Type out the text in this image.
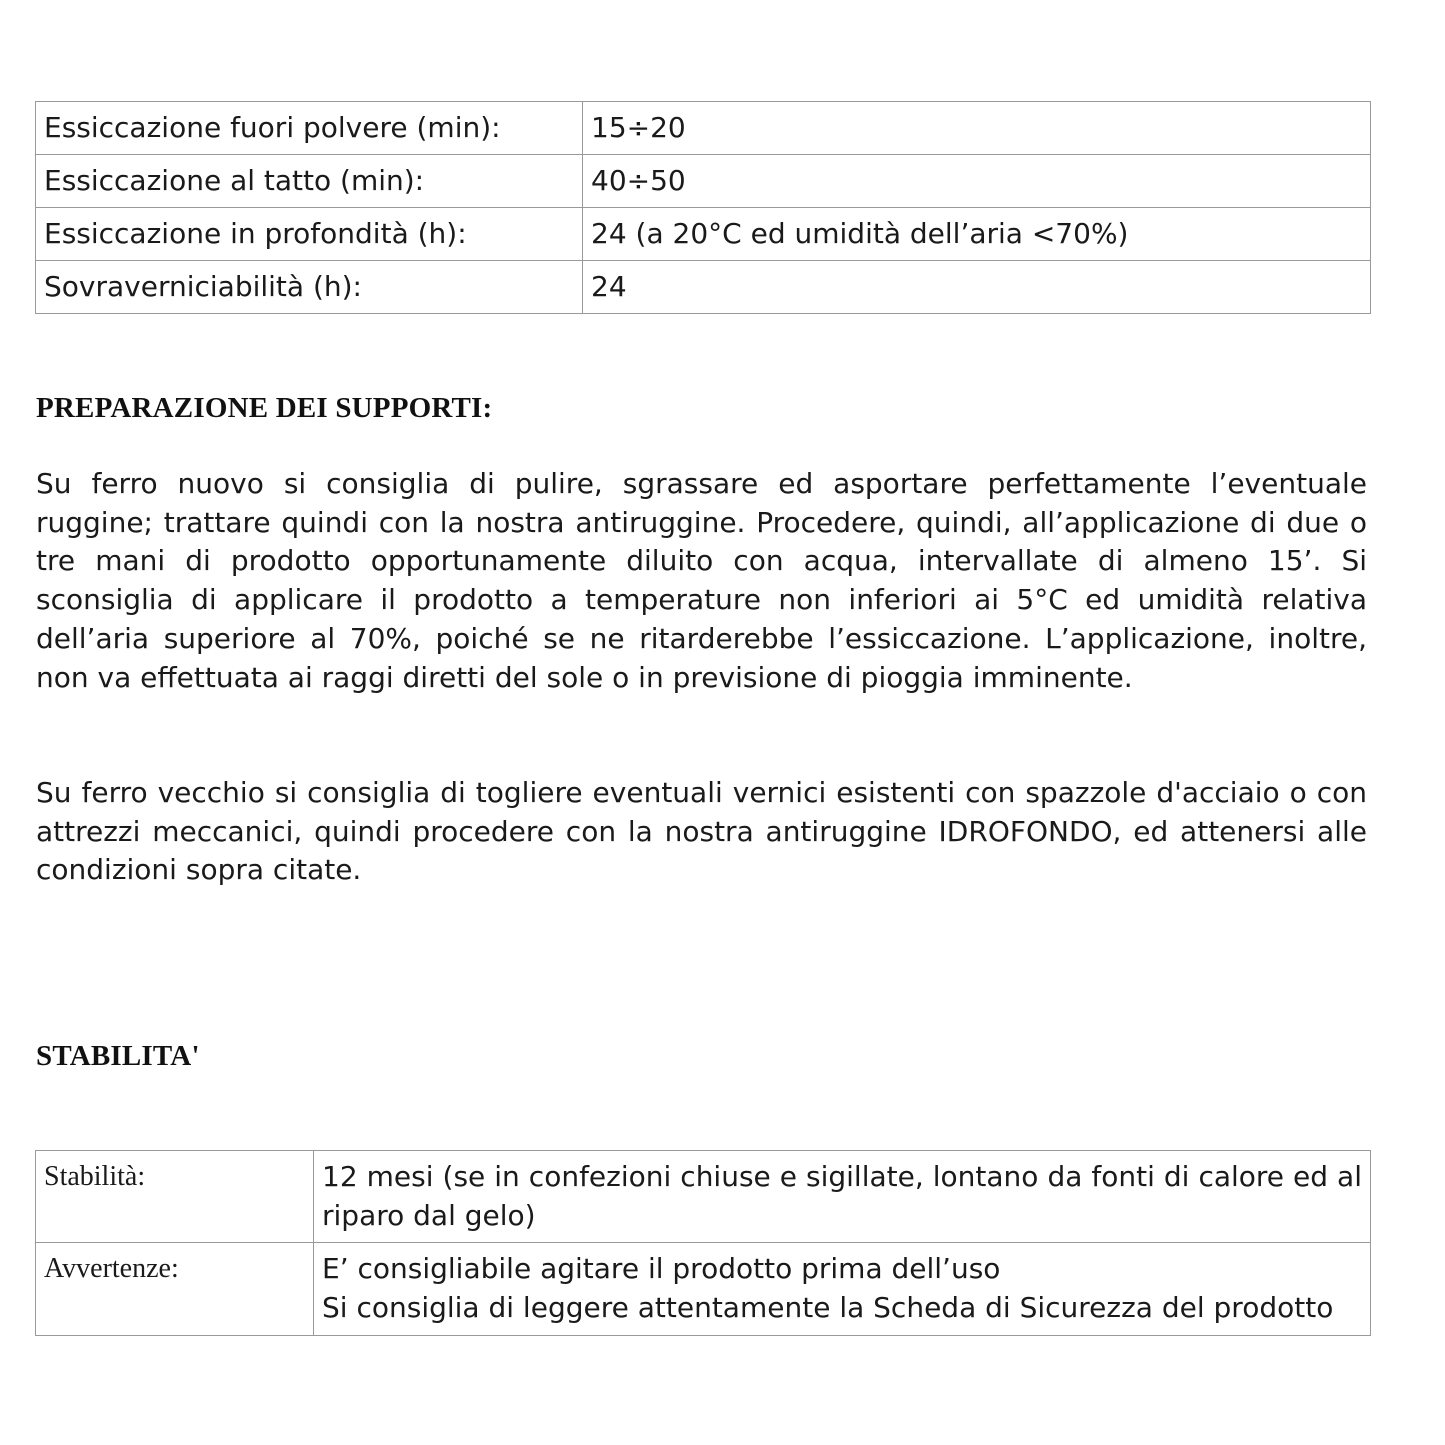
Essiccazione fuori polvere (min):	15÷20
Essiccazione al tatto (min):	40÷50
Essiccazione in profondità (h):	24 (a 20°C ed umidità dell’aria <70%)
Sovraverniciabilità (h):	24
PREPARAZIONE DEI SUPPORTI:

Su ferro nuovo si consiglia di pulire, sgrassare ed asportare perfettamente l’eventuale ruggine; trattare quindi con la nostra antiruggine. Procedere, quindi, all’applicazione di due o tre mani di prodotto opportunamente diluito con acqua, intervallate di almeno 15’. Si sconsiglia di applicare il prodotto a temperature non inferiori ai 5°C ed umidità relativa dell’aria superiore al 70%, poiché se ne ritarderebbe l’essiccazione. L’applicazione, inoltre, non va effettuata ai raggi diretti del sole o in previsione di pioggia imminente.

Su ferro vecchio si consiglia di togliere eventuali vernici esistenti con spazzole d'acciaio o con attrezzi meccanici, quindi procedere con la nostra antiruggine IDROFONDO, ed attenersi alle condizioni sopra citate.

STABILITA'
Stabilità:	12 mesi (se in confezioni chiuse e sigillate, lontano da fonti di calore ed al riparo dal gelo)

Avvertenze:	E’ consigliabile agitare il prodotto prima dell’uso
Si consiglia di leggere attentamente la Scheda di Sicurezza del prodotto
